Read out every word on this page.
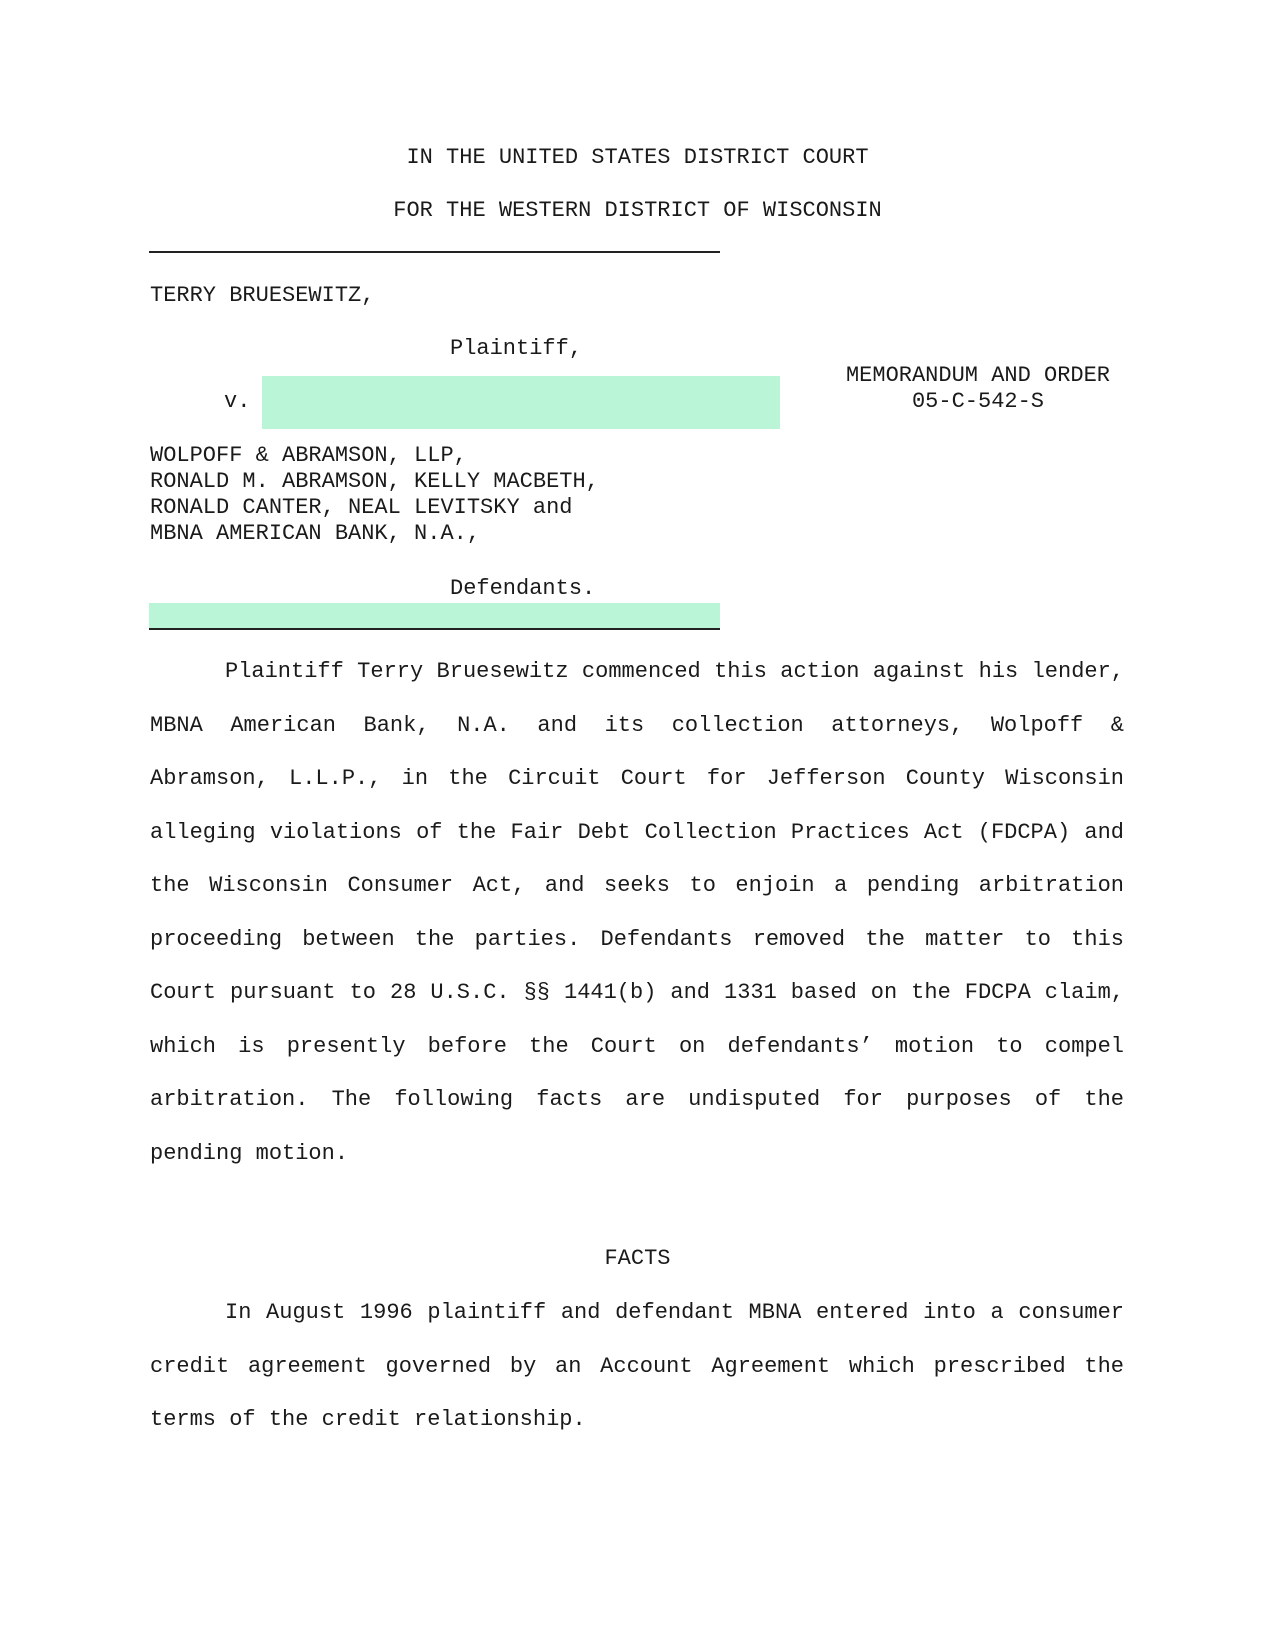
IN THE UNITED STATES DISTRICT COURT
FOR THE WESTERN DISTRICT OF WISCONSIN
TERRY BRUESEWITZ,
Plaintiff,
v.
MEMORANDUM AND ORDER
05-C-542-S
WOLPOFF & ABRAMSON, LLP,
RONALD M. ABRAMSON, KELLY MACBETH,
RONALD CANTER, NEAL LEVITSKY and
MBNA AMERICAN BANK, N.A.,
Defendants.

Plaintiff Terry Bruesewitz commenced this action against his lender, MBNA American Bank, N.A. and its collection attorneys, Wolpoff & Abramson, L.L.P., in the Circuit Court for Jefferson County Wisconsin alleging violations of the Fair Debt Collection Practices Act (FDCPA) and the Wisconsin Consumer Act, and seeks to enjoin a pending arbitration proceeding between the parties. Defendants removed the matter to this Court pursuant to 28 U.S.C. §§ 1441(b) and 1331 based on the FDCPA claim, which is presently before the Court on defendants’ motion to compel arbitration. The following facts are undisputed for purposes of the pending motion.

FACTS

In August 1996 plaintiff and defendant MBNA entered into a consumer credit agreement governed by an Account Agreement which prescribed the terms of the credit relationship.
